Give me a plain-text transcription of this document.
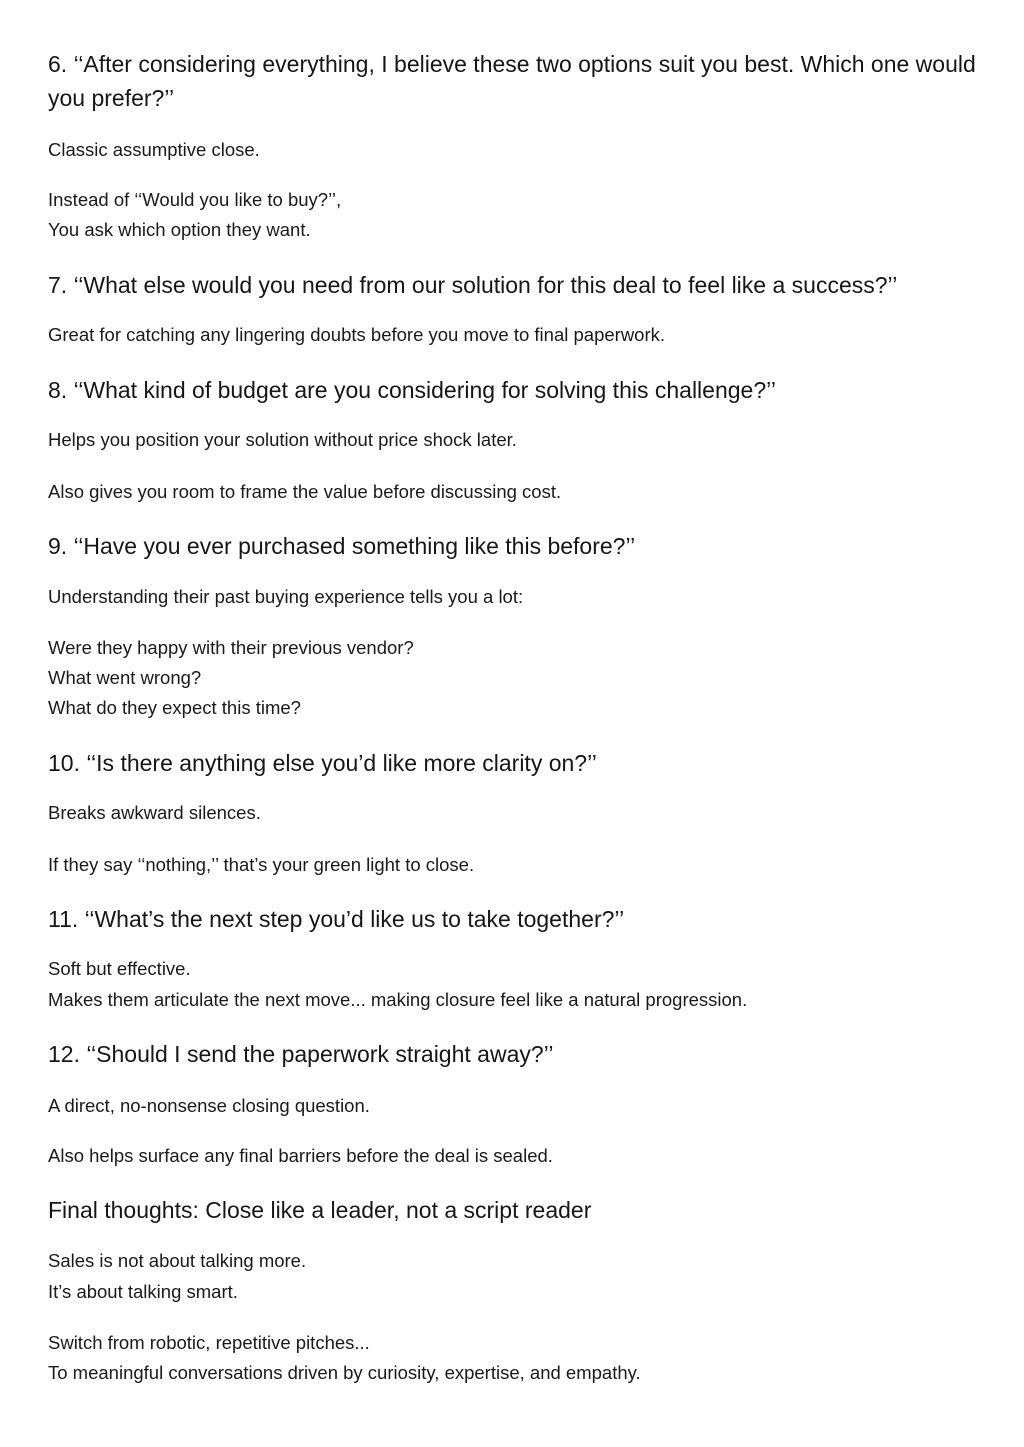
6. ‘‘After considering everything, I believe these two options suit you best. Which one would you prefer?’’

Classic assumptive close.

Instead of ‘‘Would you like to buy?’’,

You ask which option they want.

7. ‘‘What else would you need from our solution for this deal to feel like a success?’’

Great for catching any lingering doubts before you move to final paperwork.

8. ‘‘What kind of budget are you considering for solving this challenge?’’

Helps you position your solution without price shock later.

Also gives you room to frame the value before discussing cost.

9. ‘‘Have you ever purchased something like this before?’’

Understanding their past buying experience tells you a lot:

Were they happy with their previous vendor?

What went wrong?

What do they expect this time?

10. ‘‘Is there anything else you’d like more clarity on?’’

Breaks awkward silences.

If they say ‘‘nothing,’’ that’s your green light to close.

11. ‘‘What’s the next step you’d like us to take together?’’

Soft but effective.

Makes them articulate the next move... making closure feel like a natural progression.

12. ‘‘Should I send the paperwork straight away?’’

A direct, no-nonsense closing question.

Also helps surface any final barriers before the deal is sealed.

Final thoughts: Close like a leader, not a script reader

Sales is not about talking more.

It’s about talking smart.

Switch from robotic, repetitive pitches...

To meaningful conversations driven by curiosity, expertise, and empathy.
